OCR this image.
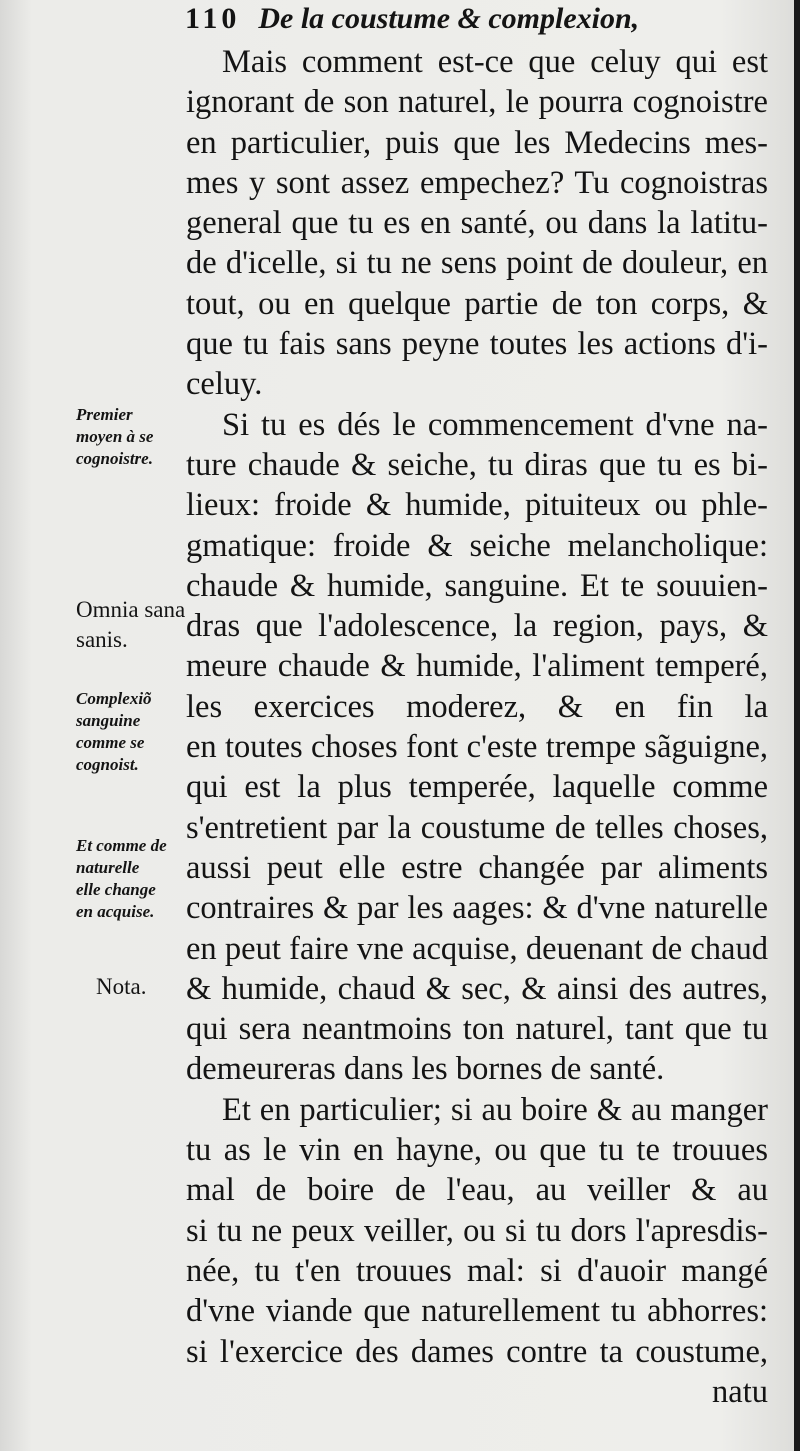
110 De la coustume & complexion,
Premier
moyen à se
cognoistre.
Omnia sana
sanis.
Complexiõ
sanguine
comme se
cognoist.
Et comme de
naturelle
elle change
en acquise.
Nota.
Mais comment est-ce que celuy qui est
ignorant de son naturel, le pourra cognoistre
en particulier, puis que les Medecins mes-
mes y sont assez empechez? Tu cognoistras
general que tu es en santé, ou dans la latitu-
de d'icelle, si tu ne sens point de douleur, en
tout, ou en quelque partie de ton corps, &
que tu fais sans peyne toutes les actions d'i-
celuy.
Si tu es dés le commencement d'vne na-
ture chaude & seiche, tu diras que tu es bi-
lieux: froide & humide, pituiteux ou phle-
gmatique: froide & seiche melancholique:
chaude & humide, sanguine. Et te souuien-
dras que l'adolescence, la region, pays, &
meure chaude & humide, l'aliment temperé,
les exercices moderez, & en fin la
en toutes choses font c'este trempe sãguigne,
qui est la plus temperée, laquelle comme
s'entretient par la coustume de telles choses,
aussi peut elle estre changée par aliments
contraires & par les aages: & d'vne naturelle
en peut faire vne acquise, deuenant de chaud
& humide, chaud & sec, & ainsi des autres,
qui sera neantmoins ton naturel, tant que tu
demeureras dans les bornes de santé.
Et en particulier; si au boire & au manger
tu as le vin en hayne, ou que tu te trouues
mal de boire de l'eau, au veiller & au
si tu ne peux veiller, ou si tu dors l'apresdis-
née, tu t'en trouues mal: si d'auoir mangé
d'vne viande que naturellement tu abhorres:
si l'exercice des dames contre ta coustume,
natu
